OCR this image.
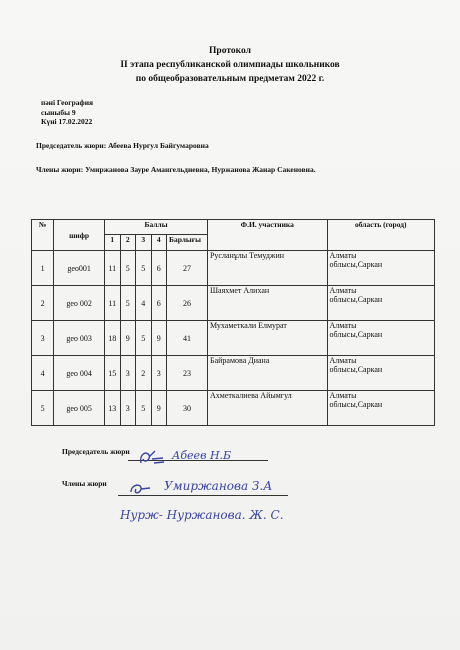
Протокол
II этапа республиканской олимпиады школьников
по общеобразовательным предметам 2022 г.
пәні География
сыныбы 9
Күні 17.02.2022
Председатель жюри: Абеева Нургул Байгумаровна
Члены жюри: Умиржанова Зауре Амангельдиевна, Нуржанова Жанар Сакеновна.
№	шифр	Баллы					Ф.И. участника	область (город)
		1	2	3	4	Барлығы		
1	geo001	11	5	5	6	27	Русланұлы Темуджин	Алматы
облысы,Саркан

2	geo 002	11	5	4	6	26	Шаяхмет Алихан	Алматы
облысы,Саркан

3	geo 003	18	9	5	9	41	Мухаметкали Елмурат	Алматы
облысы,Саркан

4	geo 004	15	3	2	3	23	Байрамова Диана	Алматы
облысы,Саркан

5	geo 005	13	3	5	9	30	Ахметкалиева Айымгул	Алматы
облысы,Саркан
Председатель жюри	Абеев Н.Б
Члены жюри	Умиржанова З.А
Нурж- Нуржанова. Ж. С.
